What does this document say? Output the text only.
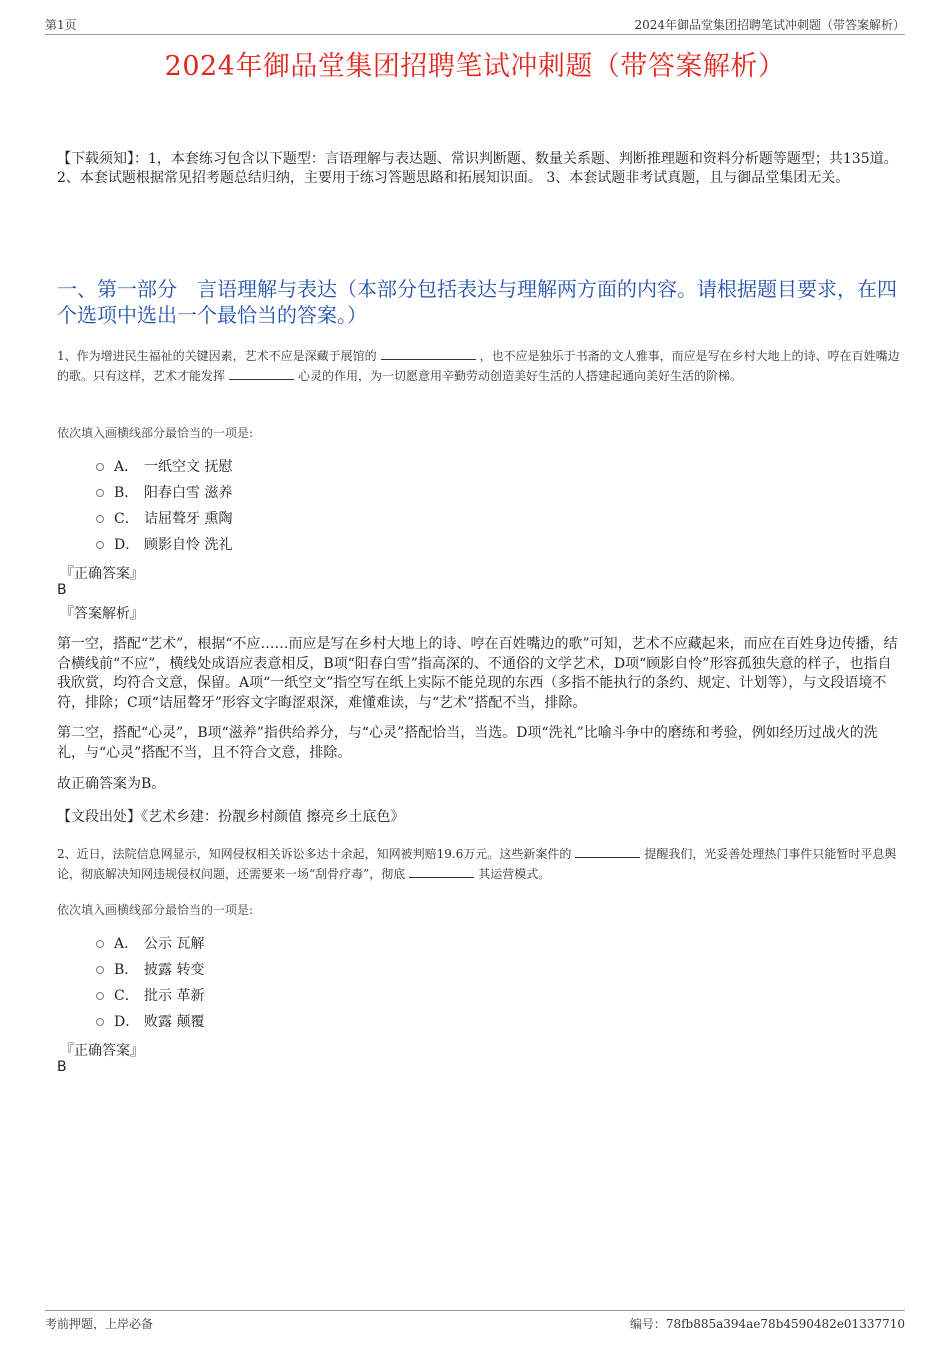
第1页	2024年御品堂集团招聘笔试冲刺题（带答案解析）
2024年御品堂集团招聘笔试冲刺题（带答案解析）
【下载须知】：1，本套练习包含以下题型：言语理解与表达题、常识判断题、数量关系题、判断推理题和资料分析题等题型；共135道。 2、本套试题根据常见招考题总结归纳，主要用于练习答题思路和拓展知识面。 3、本套试题非考试真题，且与御品堂集团无关。
一、第一部分　言语理解与表达（本部分包括表达与理解两方面的内容。请根据题目要求，在四个选项中选出一个最恰当的答案。）
1、作为增进民生福祉的关键因素，艺术不应是深藏于展馆的	，也不应是独乐于书斋的文人雅事，而应是写在乡村大地上的诗、哼在百姓嘴边的歌。只有这样，艺术才能发挥	心灵的作用，为一切愿意用辛勤劳动创造美好生活的人搭建起通向美好生活的阶梯。
依次填入画横线部分最恰当的一项是:
A． 一纸空文 抚慰
B． 阳春白雪 滋养
C． 诘屈聱牙 熏陶
D． 顾影自怜 洗礼
『正确答案』
B
『答案解析』
第一空，搭配“艺术”，根据“不应……而应是写在乡村大地上的诗、哼在百姓嘴边的歌”可知，艺术不应藏起来，而应在百姓身边传播，结合横线前“不应”，横线处成语应表意相反，B项“阳春白雪”指高深的、不通俗的文学艺术，D项“顾影自怜”形容孤独失意的样子，也指自我欣赏，均符合文意，保留。A项“一纸空文”指空写在纸上实际不能兑现的东西（多指不能执行的条约、规定、计划等），与文段语境不符，排除；C项“诘屈聱牙”形容文字晦涩艰深，难懂难读，与“艺术”搭配不当，排除。
第二空，搭配“心灵”，B项“滋养”指供给养分，与“心灵”搭配恰当，当选。D项“洗礼”比喻斗争中的磨练和考验，例如经历过战火的洗礼，与“心灵”搭配不当，且不符合文意，排除。
故正确答案为B。
【文段出处】《艺术乡建：扮靓乡村颜值 擦亮乡土底色》
2、近日，法院信息网显示，知网侵权相关诉讼多达十余起，知网被判赔19.6万元。这些新案件的	提醒我们，光妥善处理热门事件只能暂时平息舆论，彻底解决知网违规侵权问题，还需要来一场“刮骨疗毒”，彻底	其运营模式。
依次填入画横线部分最恰当的一项是:
A． 公示 瓦解
B． 披露 转变
C． 批示 革新
D． 败露 颠覆
『正确答案』
B
考前押题，上岸必备	编号：78fb885a394ae78b4590482e01337710
